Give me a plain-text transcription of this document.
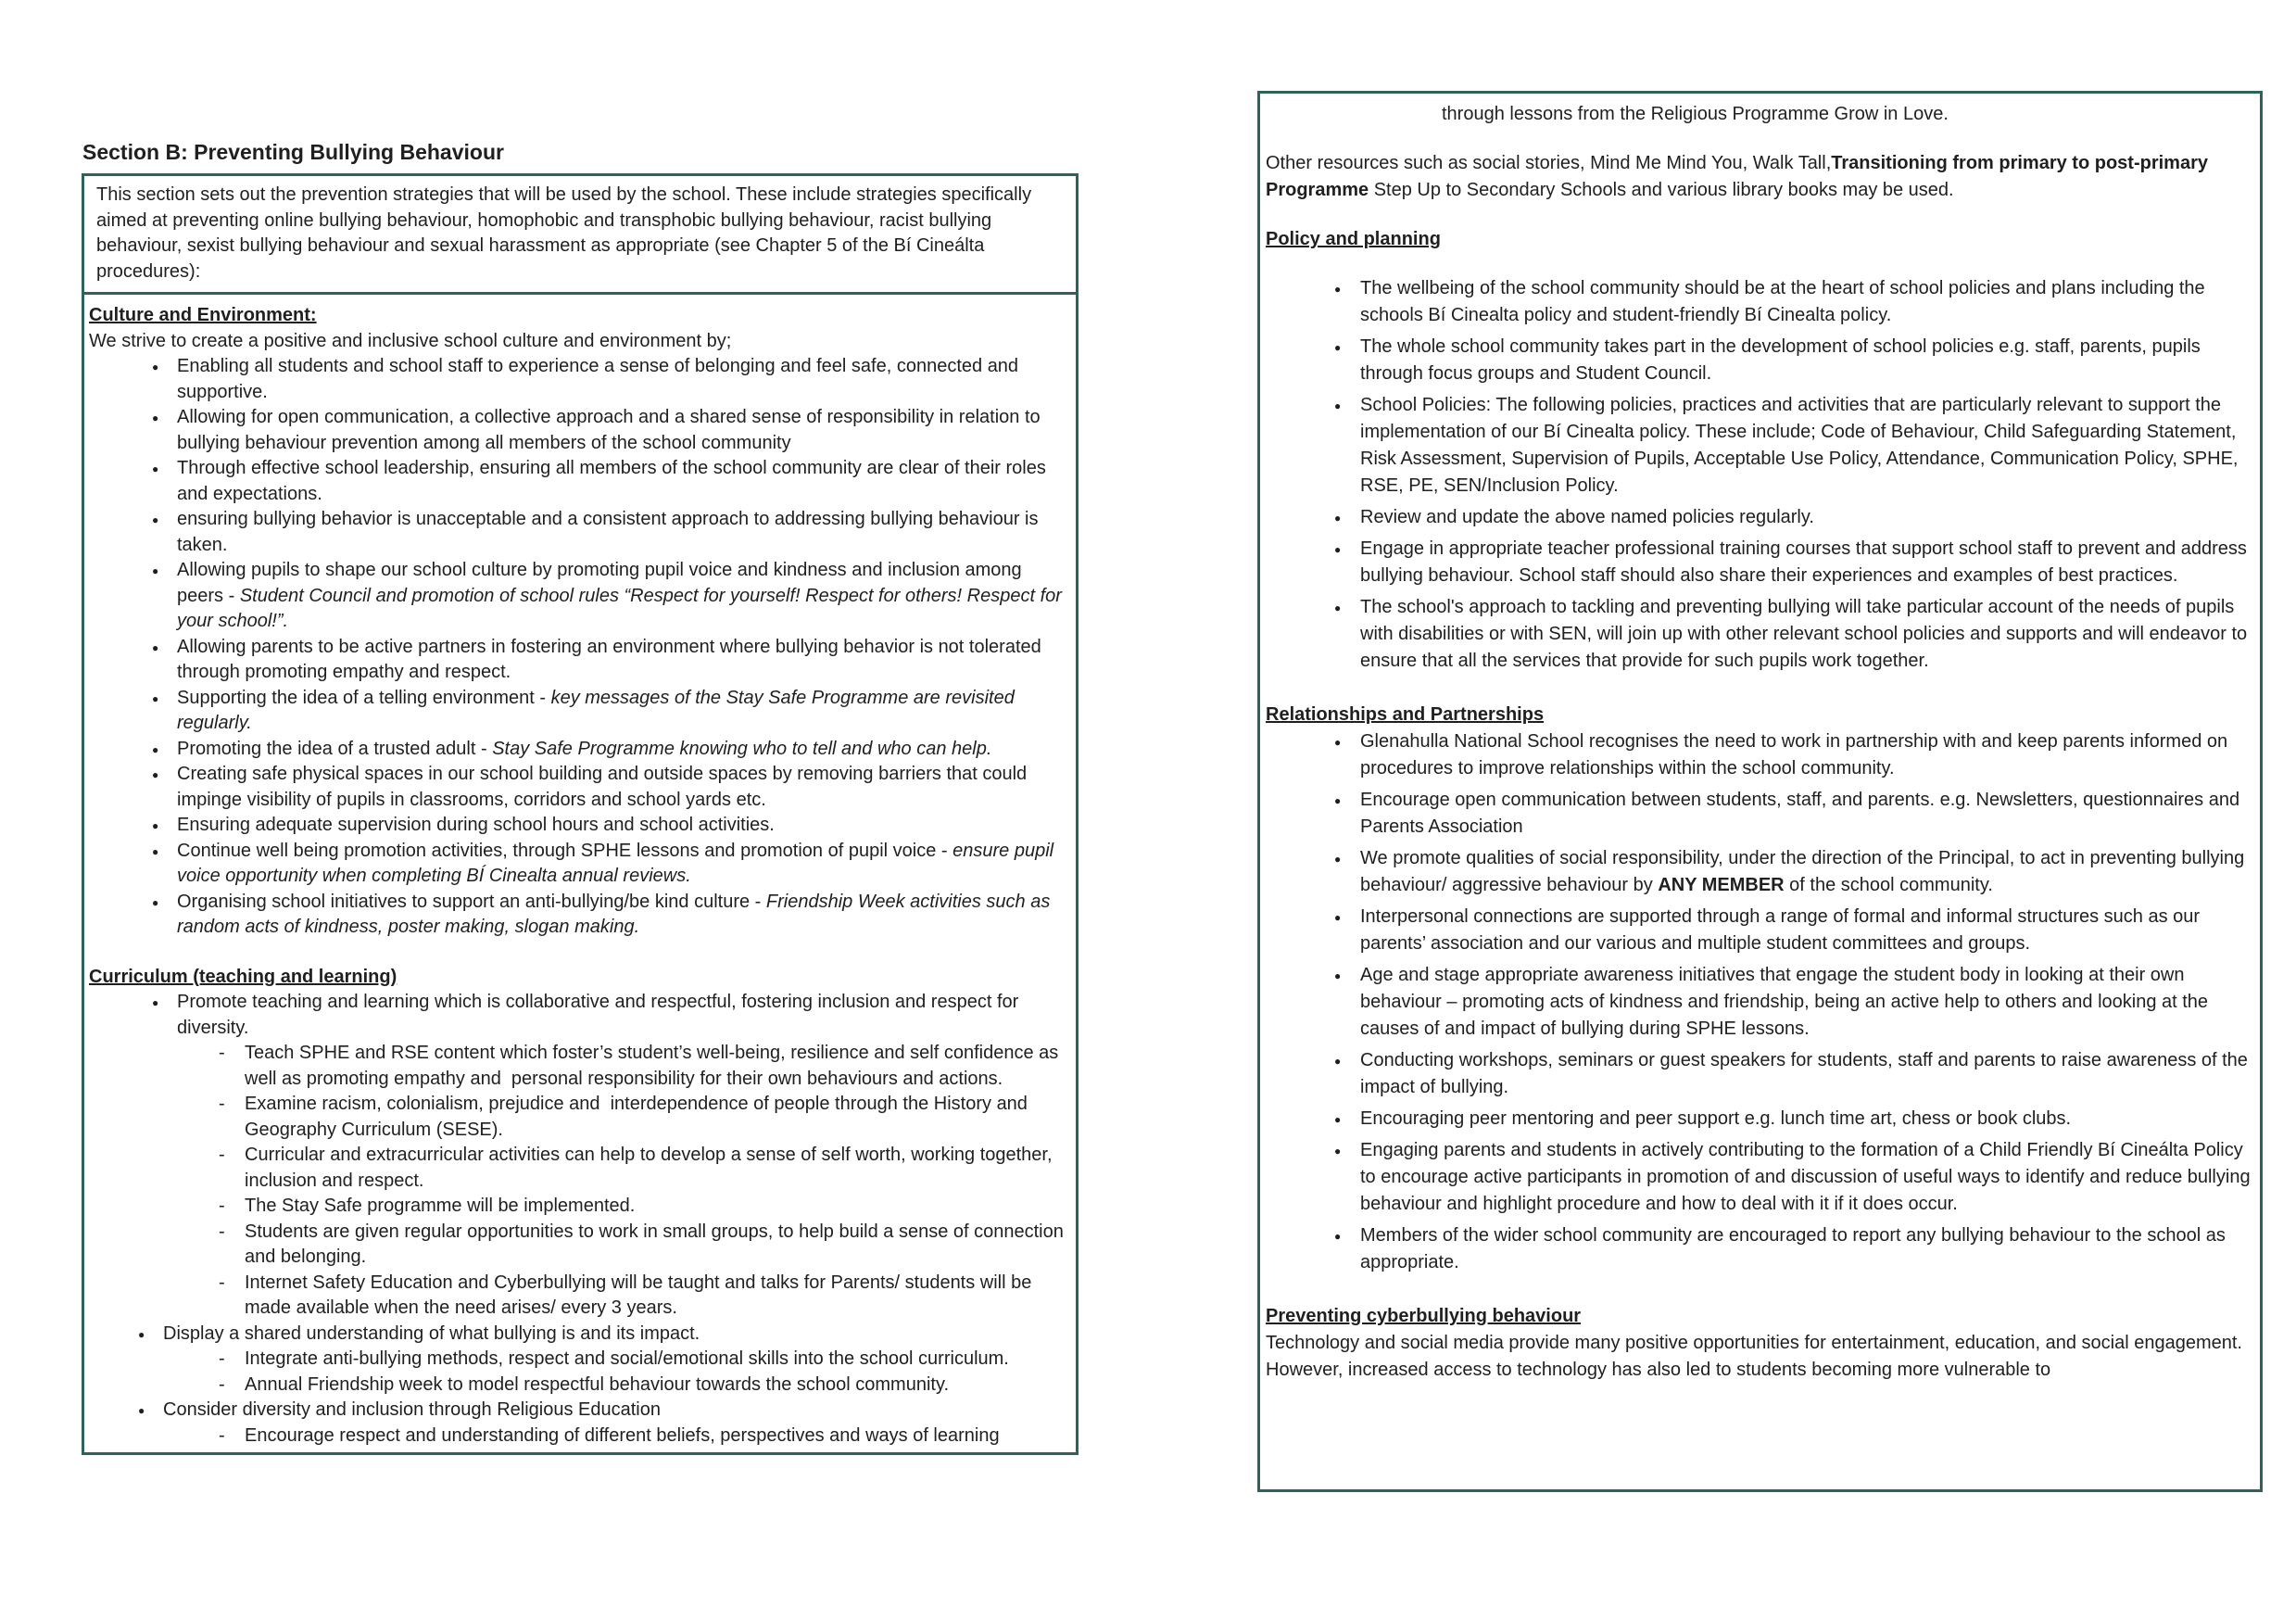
Section B: Preventing Bullying Behaviour
This section sets out the prevention strategies that will be used by the school. These include strategies specifically aimed at preventing online bullying behaviour, homophobic and transphobic bullying behaviour, racist bullying behaviour, sexist bullying behaviour and sexual harassment as appropriate (see Chapter 5 of the Bí Cineálta procedures):
Culture and Environment:
We strive to create a positive and inclusive school culture and environment by;
● Enabling all students and school staff to experience a sense of belonging and feel safe, connected and supportive.
● Allowing for open communication, a collective approach and a shared sense of responsibility in relation to bullying behaviour prevention among all members of the school community
● Through effective school leadership, ensuring all members of the school community are clear of their roles and expectations.
● ensuring bullying behavior is unacceptable and a consistent approach to addressing bullying behaviour is taken.
● Allowing pupils to shape our school culture by promoting pupil voice and kindness and inclusion among peers - Student Council and promotion of school rules “Respect for yourself! Respect for others! Respect for your school!”.
● Allowing parents to be active partners in fostering an environment where bullying behavior is not tolerated through promoting empathy and respect.
● Supporting the idea of a telling environment - key messages of the Stay Safe Programme are revisited regularly.
● Promoting the idea of a trusted adult - Stay Safe Programme knowing who to tell and who can help.
● Creating safe physical spaces in our school building and outside spaces by removing barriers that could impinge visibility of pupils in classrooms, corridors and school yards etc.
● Ensuring adequate supervision during school hours and school activities.
● Continue well being promotion activities, through SPHE lessons and promotion of pupil voice - ensure pupil voice opportunity when completing BÍ Cinealta annual reviews.
● Organising school initiatives to support an anti-bullying/be kind culture - Friendship Week activities such as random acts of kindness, poster making, slogan making.
Curriculum (teaching and learning)
● Promote teaching and learning which is collaborative and respectful, fostering inclusion and respect for diversity.
- Teach SPHE and RSE content which foster’s student’s well-being, resilience and self confidence as well as promoting empathy and  personal responsibility for their own behaviours and actions.
- Examine racism, colonialism, prejudice and  interdependence of people through the History and Geography Curriculum (SESE).
- Curricular and extracurricular activities can help to develop a sense of self worth, working together, inclusion and respect.
- The Stay Safe programme will be implemented.
- Students are given regular opportunities to work in small groups, to help build a sense of connection and belonging.
- Internet Safety Education and Cyberbullying will be taught and talks for Parents/ students will be made available when the need arises/ every 3 years.
● Display a shared understanding of what bullying is and its impact.
- Integrate anti-bullying methods, respect and social/emotional skills into the school curriculum.
- Annual Friendship week to model respectful behaviour towards the school community.
● Consider diversity and inclusion through Religious Education
- Encourage respect and understanding of different beliefs, perspectives and ways of learning
through lessons from the Religious Programme Grow in Love.
Other resources such as social stories, Mind Me Mind You, Walk Tall,Transitioning from primary to post-primary Programme Step Up to Secondary Schools and various library books may be used.
Policy and planning
● The wellbeing of the school community should be at the heart of school policies and plans including the schools Bí Cinealta policy and student-friendly Bí Cinealta policy.
● The whole school community takes part in the development of school policies e.g. staff, parents, pupils through focus groups and Student Council.
● School Policies: The following policies, practices and activities that are particularly relevant to support the implementation of our Bí Cinealta policy. These include; Code of Behaviour, Child Safeguarding Statement, Risk Assessment, Supervision of Pupils, Acceptable Use Policy, Attendance, Communication Policy, SPHE, RSE, PE, SEN/Inclusion Policy.
● Review and update the above named policies regularly.
● Engage in appropriate teacher professional training courses that support school staff to prevent and address bullying behaviour. School staff should also share their experiences and examples of best practices.
● The school's approach to tackling and preventing bullying will take particular account of the needs of pupils with disabilities or with SEN, will join up with other relevant school policies and supports and will endeavor to ensure that all the services that provide for such pupils work together.
Relationships and Partnerships
● Glenahulla National School recognises the need to work in partnership with and keep parents informed on procedures to improve relationships within the school community.
● Encourage open communication between students, staff, and parents. e.g. Newsletters, questionnaires and Parents Association
● We promote qualities of social responsibility, under the direction of the Principal, to act in preventing bullying behaviour/ aggressive behaviour by ANY MEMBER of the school community.
● Interpersonal connections are supported through a range of formal and informal structures such as our parents’ association and our various and multiple student committees and groups.
● Age and stage appropriate awareness initiatives that engage the student body in looking at their own behaviour – promoting acts of kindness and friendship, being an active help to others and looking at the causes of and impact of bullying during SPHE lessons.
● Conducting workshops, seminars or guest speakers for students, staff and parents to raise awareness of the impact of bullying.
● Encouraging peer mentoring and peer support e.g. lunch time art, chess or book clubs.
● Engaging parents and students in actively contributing to the formation of a Child Friendly Bí Cineálta Policy to encourage active participants in promotion of and discussion of useful ways to identify and reduce bullying behaviour and highlight procedure and how to deal with it if it does occur.
● Members of the wider school community are encouraged to report any bullying behaviour to the school as appropriate.
Preventing cyberbullying behaviour
Technology and social media provide many positive opportunities for entertainment, education, and social engagement. However, increased access to technology has also led to students becoming more vulnerable to
